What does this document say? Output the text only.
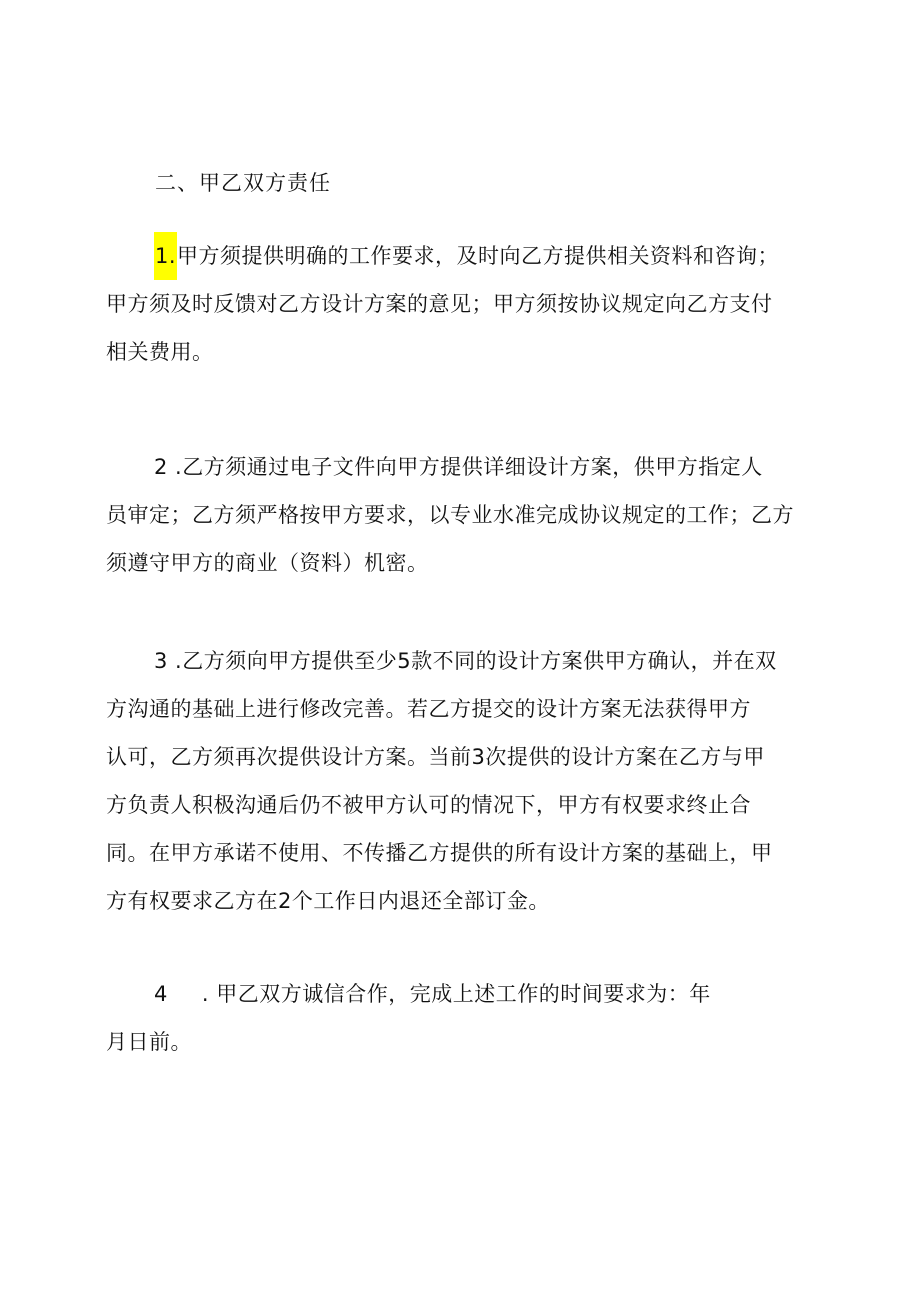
二、甲乙双方责任
1.甲方须提供明确的工作要求，及时向乙方提供相关资料和咨询；
甲方须及时反馈对乙方设计方案的意见；甲方须按协议规定向乙方支付
相关费用。
2 .乙方须通过电子文件向甲方提供详细设计方案，供甲方指定人
员审定；乙方须严格按甲方要求，以专业水准完成协议规定的工作；乙方
须遵守甲方的商业（资料）机密。
3 .乙方须向甲方提供至少5款不同的设计方案供甲方确认，并在双
方沟通的基础上进行修改完善。若乙方提交的设计方案无法获得甲方
认可，乙方须再次提供设计方案。当前3次提供的设计方案在乙方与甲
方负责人积极沟通后仍不被甲方认可的情况下，甲方有权要求终止合
同。在甲方承诺不使用、不传播乙方提供的所有设计方案的基础上，甲
方有权要求乙方在2个工作日内退还全部订金。
4 . 甲乙双方诚信合作，完成上述工作的时间要求为：年
月日前。
